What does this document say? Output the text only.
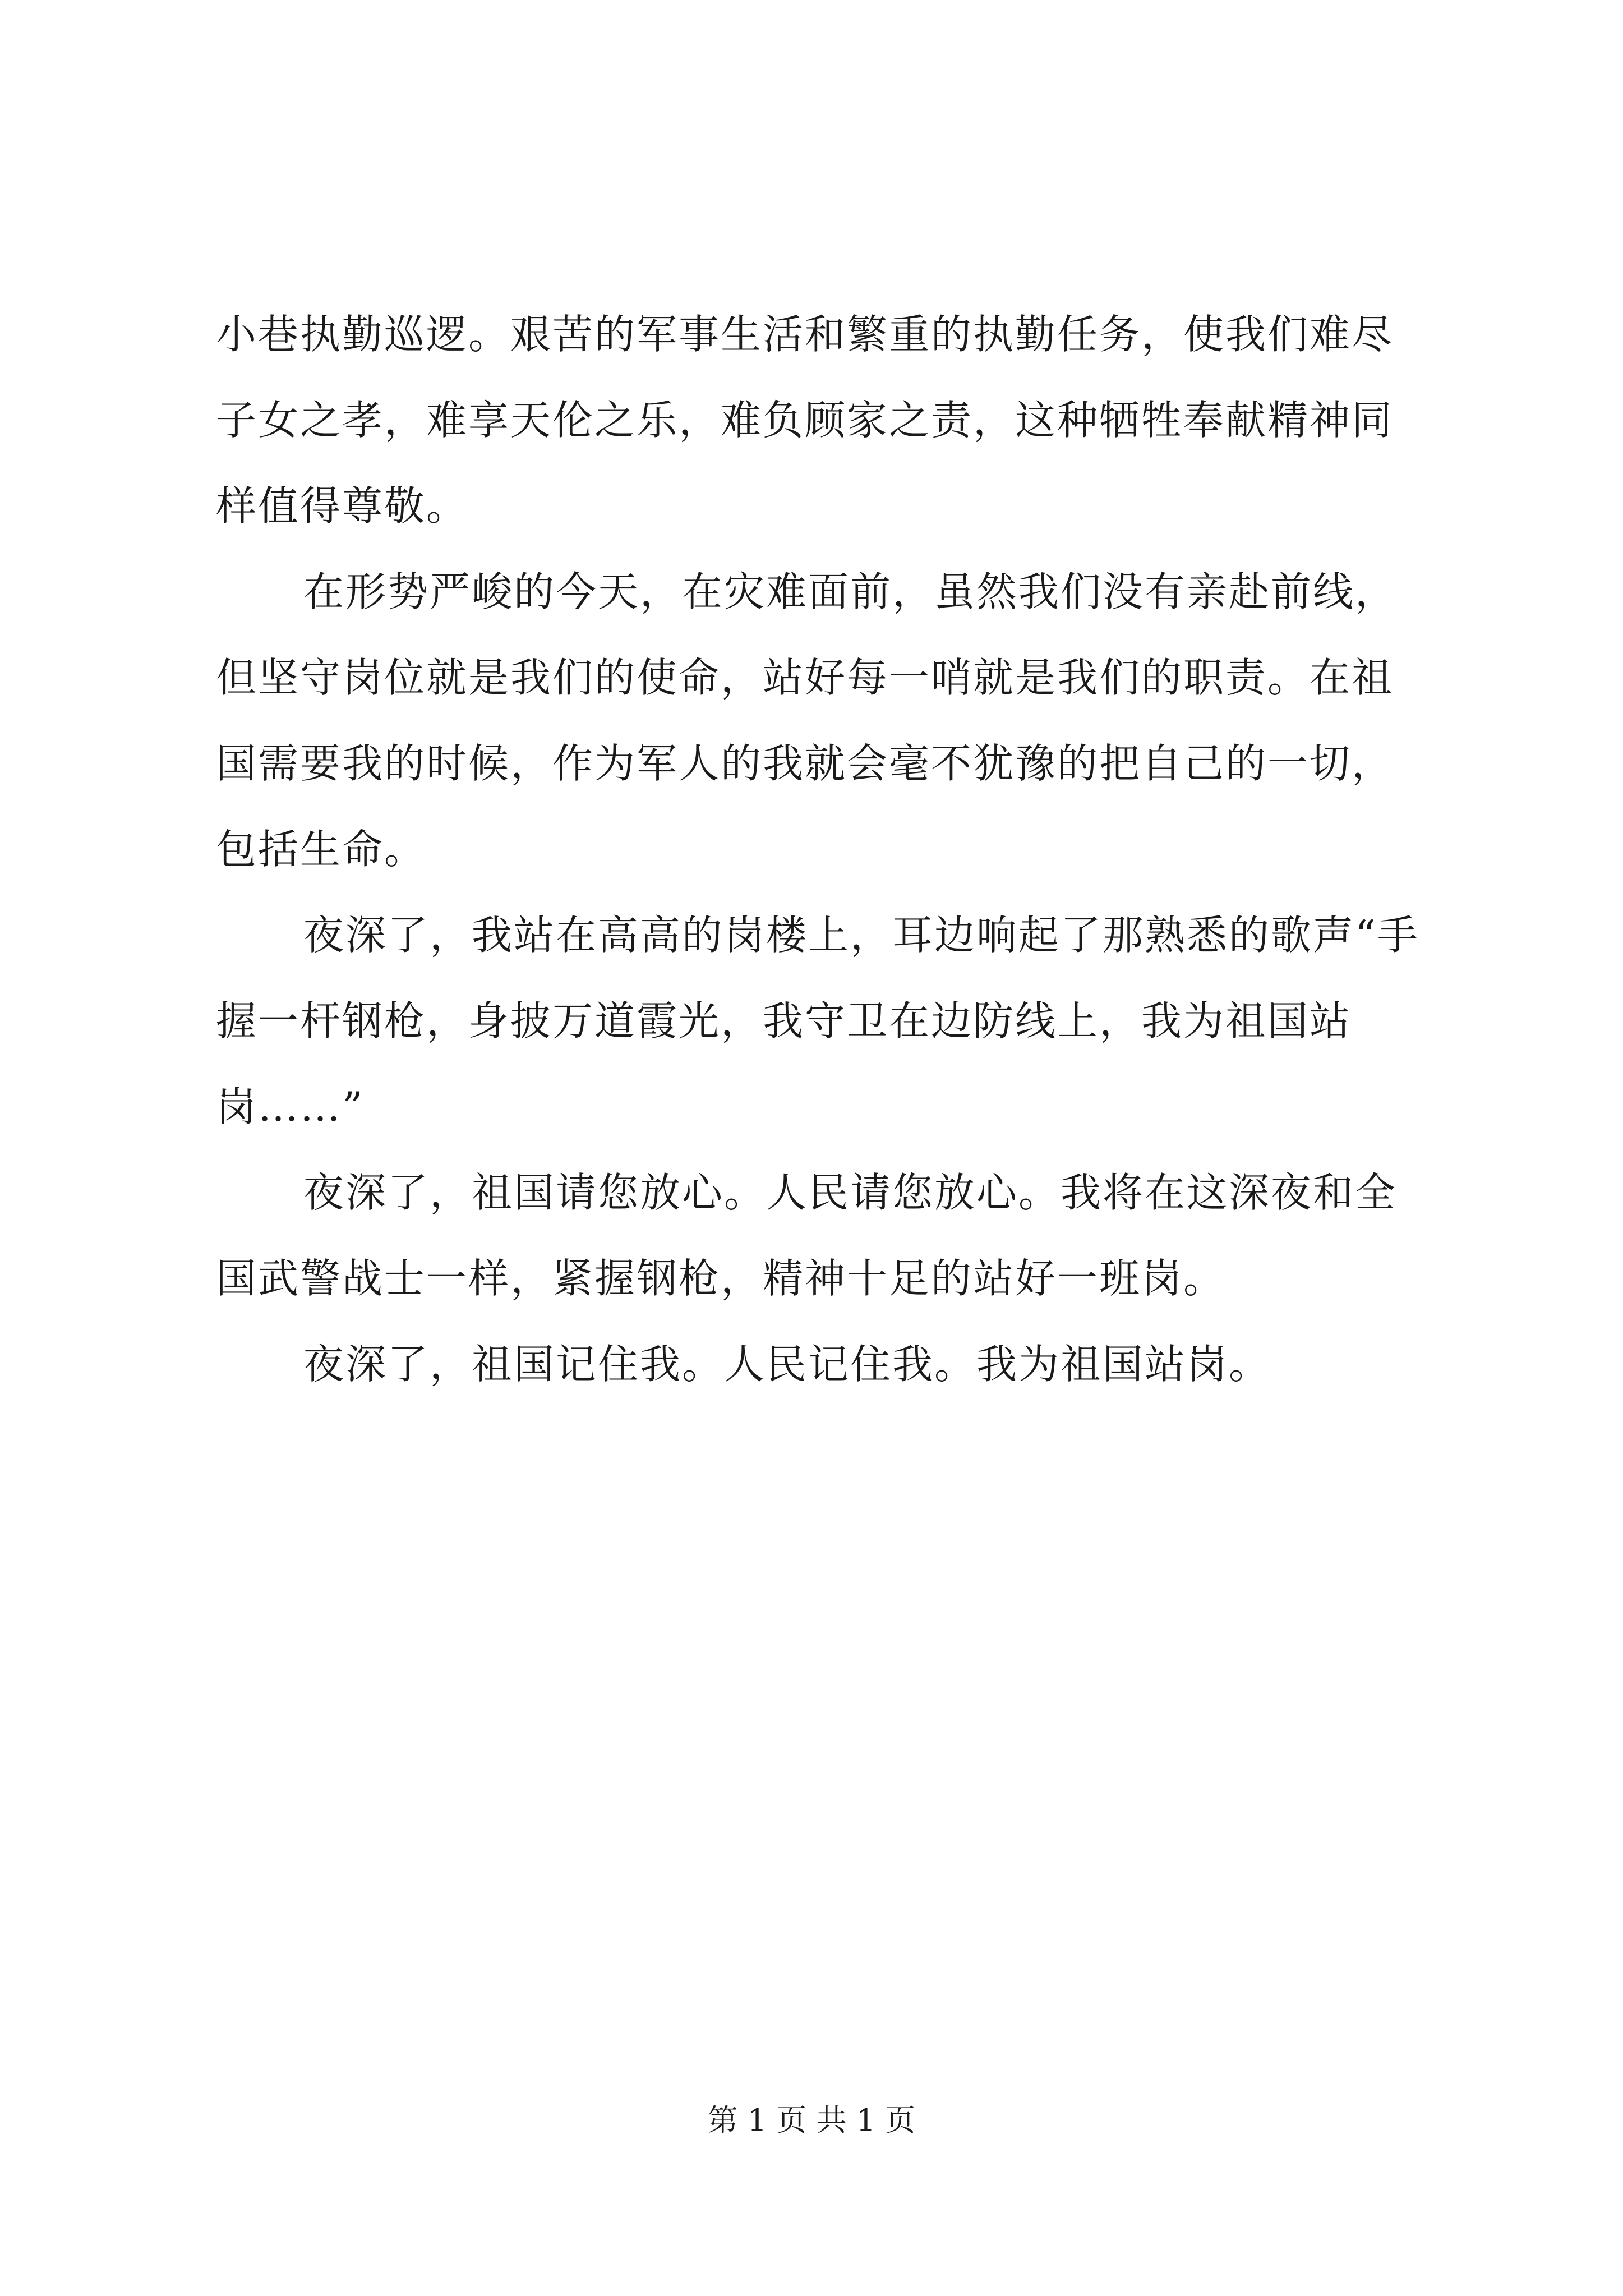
小巷执勤巡逻。艰苦的军事生活和繁重的执勤任务，使我们难尽子女之孝，难享天伦之乐，难负顾家之责，这种牺牲奉献精神同样值得尊敬。

在形势严峻的今天，在灾难面前，虽然我们没有亲赴前线，但坚守岗位就是我们的使命，站好每一哨就是我们的职责。在祖国需要我的时候，作为军人的我就会毫不犹豫的把自己的一切，包括生命。

夜深了，我站在高高的岗楼上，耳边响起了那熟悉的歌声“手握一杆钢枪，身披万道霞光，我守卫在边防线上，我为祖国站岗……”

夜深了，祖国请您放心。人民请您放心。我将在这深夜和全国武警战士一样，紧握钢枪，精神十足的站好一班岗。

夜深了，祖国记住我。人民记住我。我为祖国站岗。

第 1 页 共 1 页
